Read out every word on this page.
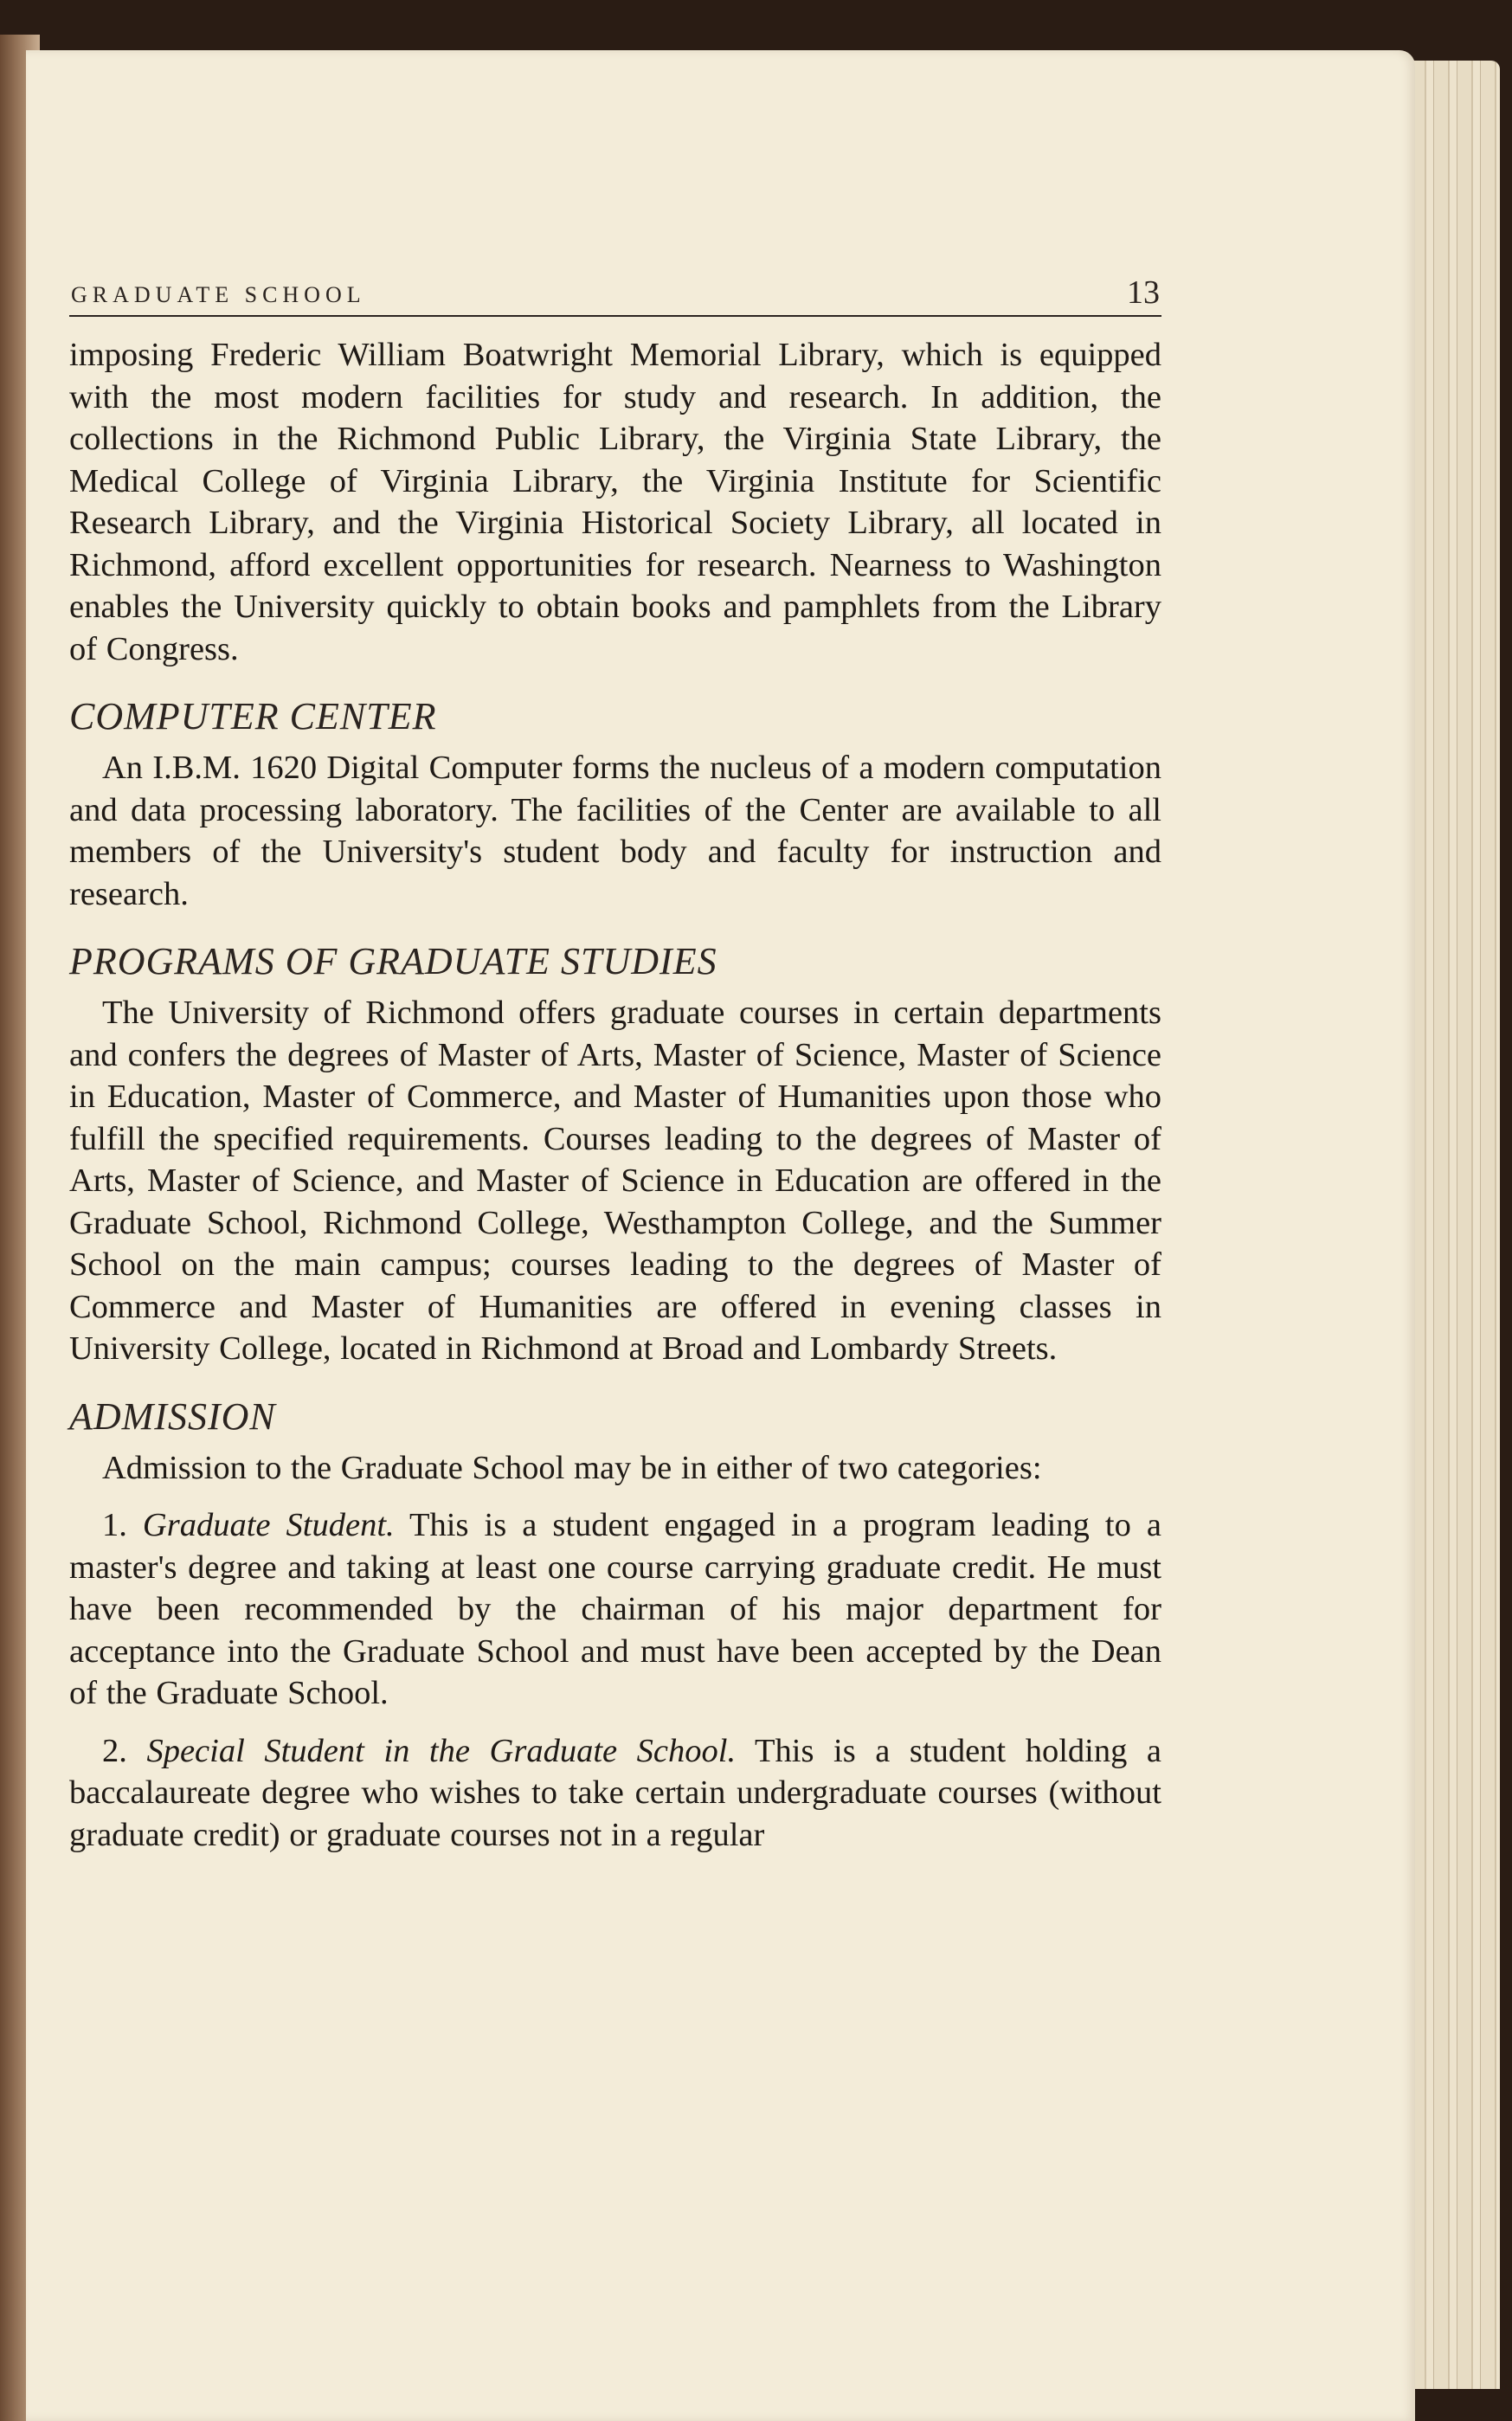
GRADUATE SCHOOL	13

imposing Frederic William Boatwright Memorial Library, which is equipped with the most modern facilities for study and research. In addition, the collections in the Richmond Public Library, the Virginia State Library, the Medical College of Virginia Library, the Virginia Institute for Scientific Research Library, and the Virginia Historical Society Library, all located in Richmond, afford excellent opportunities for research. Nearness to Washington enables the University quickly to obtain books and pamphlets from the Library of Congress.

COMPUTER CENTER

An I.B.M. 1620 Digital Computer forms the nucleus of a modern computation and data processing laboratory. The facilities of the Center are available to all members of the University's student body and faculty for instruction and research.

PROGRAMS OF GRADUATE STUDIES

The University of Richmond offers graduate courses in certain departments and confers the degrees of Master of Arts, Master of Science, Master of Science in Education, Master of Commerce, and Master of Humanities upon those who fulfill the specified requirements. Courses leading to the degrees of Master of Arts, Master of Science, and Master of Science in Education are offered in the Graduate School, Richmond College, Westhampton College, and the Summer School on the main campus; courses leading to the degrees of Master of Commerce and Master of Humanities are offered in evening classes in University College, located in Richmond at Broad and Lombardy Streets.

ADMISSION

Admission to the Graduate School may be in either of two categories:

1. Graduate Student. This is a student engaged in a program leading to a master's degree and taking at least one course carrying graduate credit. He must have been recommended by the chairman of his major department for acceptance into the Graduate School and must have been accepted by the Dean of the Graduate School.

2. Special Student in the Graduate School. This is a student holding a baccalaureate degree who wishes to take certain undergraduate courses (without graduate credit) or graduate courses not in a regular
